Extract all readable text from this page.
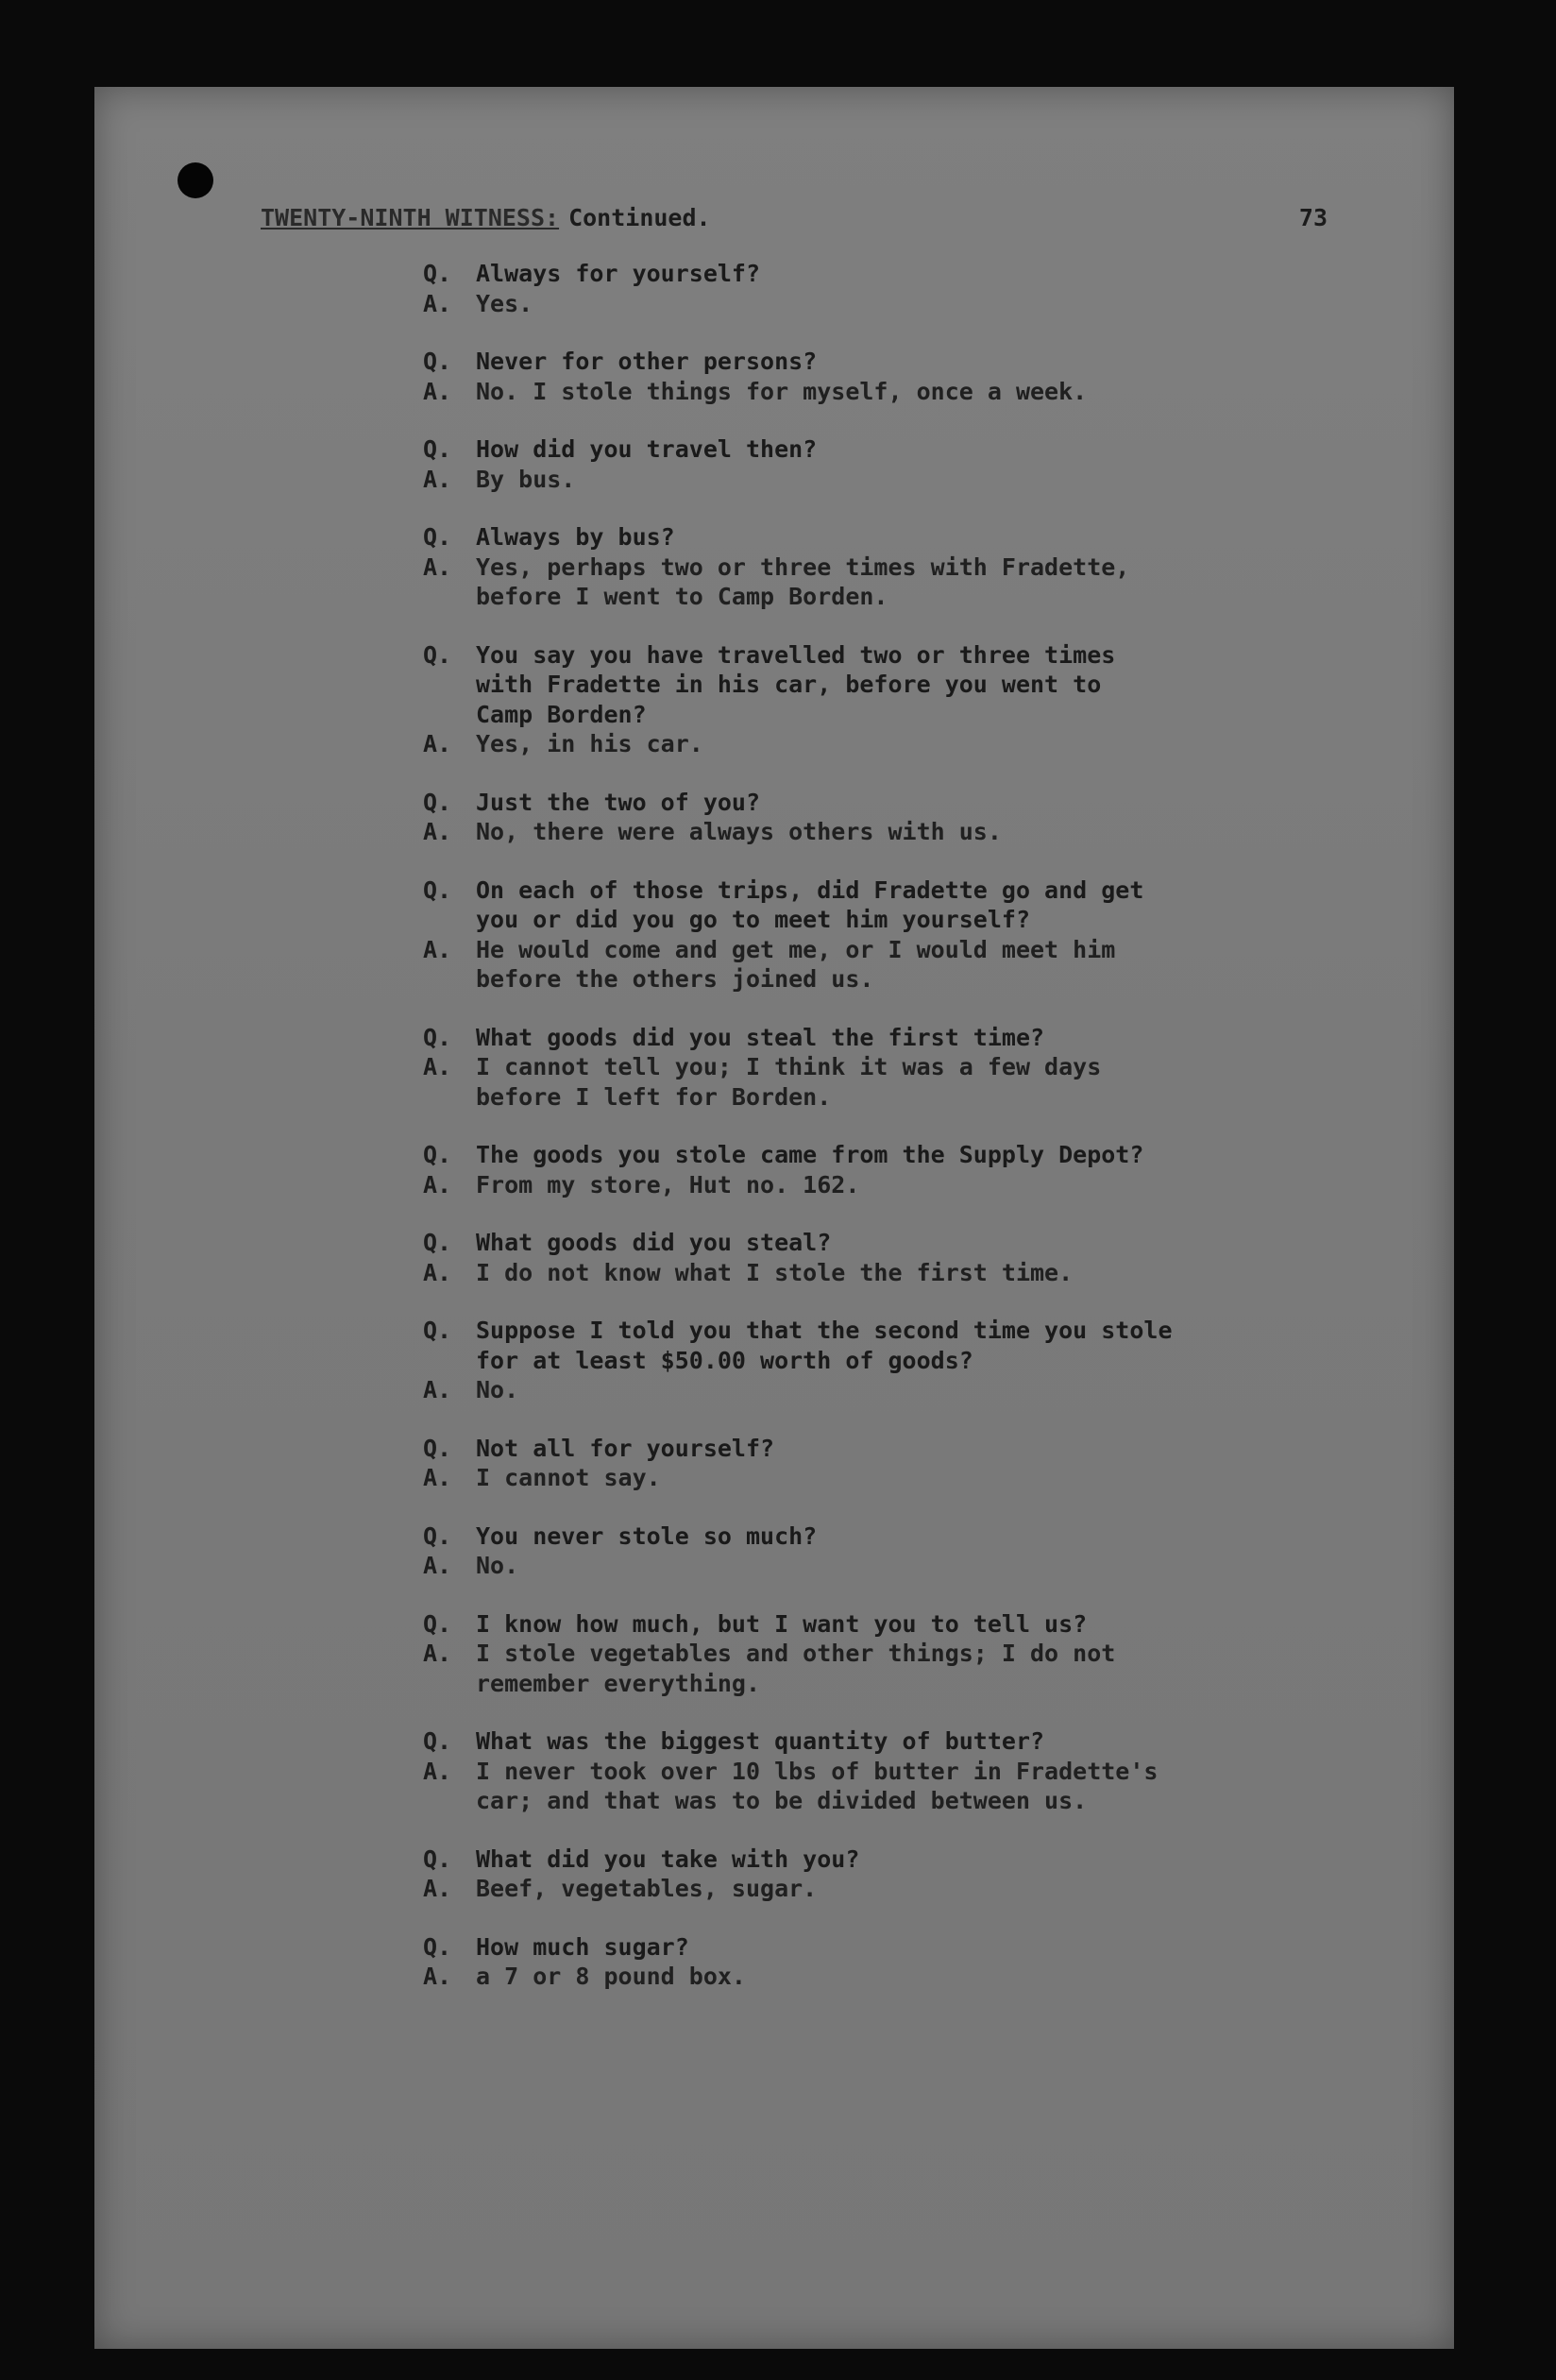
TWENTY-NINTH WITNESS: Continued.	73
Q.	Always for yourself?
A.	Yes.
Q.	Never for other persons?
A.	No. I stole things for myself, once a week.
Q.	How did you travel then?
A.	By bus.
Q.	Always by bus?
A.	Yes, perhaps two or three times with Fradette,
before I went to Camp Borden.
Q.	You say you have travelled two or three times
with Fradette in his car, before you went to
Camp Borden?
A.	Yes, in his car.
Q.	Just the two of you?
A.	No, there were always others with us.
Q.	On each of those trips, did Fradette go and get
you or did you go to meet him yourself?
A.	He would come and get me, or I would meet him
before the others joined us.
Q.	What goods did you steal the first time?
A.	I cannot tell you; I think it was a few days
before I left for Borden.
Q.	The goods you stole came from the Supply Depot?
A.	From my store, Hut no. 162.
Q.	What goods did you steal?
A.	I do not know what I stole the first time.
Q.	Suppose I told you that the second time you stole
for at least $50.00 worth of goods?
A.	No.
Q.	Not all for yourself?
A.	I cannot say.
Q.	You never stole so much?
A.	No.
Q.	I know how much, but I want you to tell us?
A.	I stole vegetables and other things; I do not
remember everything.
Q.	What was the biggest quantity of butter?
A.	I never took over 10 lbs of butter in Fradette's
car; and that was to be divided between us.
Q.	What did you take with you?
A.	Beef, vegetables, sugar.
Q.	How much sugar?
A.	a 7 or 8 pound box.
